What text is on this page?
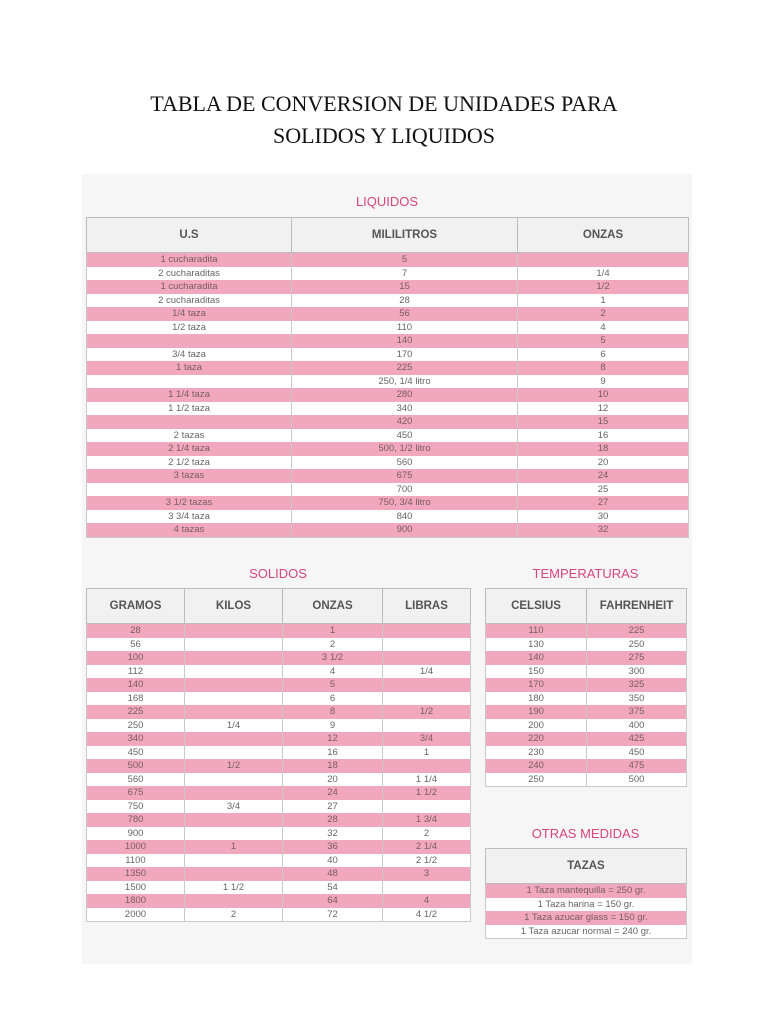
TABLA DE CONVERSION DE UNIDADES PARA
SOLIDOS Y LIQUIDOS
LIQUIDOS
U.S	MILILITROS	ONZAS
1 cucharadita	5	
2 cucharaditas	7	1/4
1 cucharadita	15	1/2
2 cucharaditas	28	1
1/4 taza	56	2
1/2 taza	110	4
	140	5
3/4 taza	170	6
1 taza	225	8
	250, 1/4 litro	9
1 1/4 taza	280	10
1 1/2 taza	340	12
	420	15
2 tazas	450	16
2 1/4 taza	500, 1/2 litro	18
2 1/2 taza	560	20
3 tazas	675	24
	700	25
3 1/2 tazas	750, 3/4 litro	27
3 3/4 taza	840	30
4 tazas	900	32
SOLIDOS
GRAMOS	KILOS	ONZAS	LIBRAS
28		1	
56		2	
100		3 1/2	
112		4	1/4
140		5	
168		6	
225		8	1/2
250	1/4	9	
340		12	3/4
450		16	1
500	1/2	18	
560		20	1 1/4
675		24	1 1/2
750	3/4	27	
780		28	1 3/4
900		32	2
1000	1	36	2 1/4
1100		40	2 1/2
1350		48	3
1500	1 1/2	54	
1800		64	4
2000	2	72	4 1/2
TEMPERATURAS
CELSIUS	FAHRENHEIT
110	225
130	250
140	275
150	300
170	325
180	350
190	375
200	400
220	425
230	450
240	475
250	500
OTRAS MEDIDAS
TAZAS
1 Taza mantequilla = 250 gr.
1 Taza harina = 150 gr.
1 Taza azucar glass = 150 gr.
1 Taza azucar normal = 240 gr.
